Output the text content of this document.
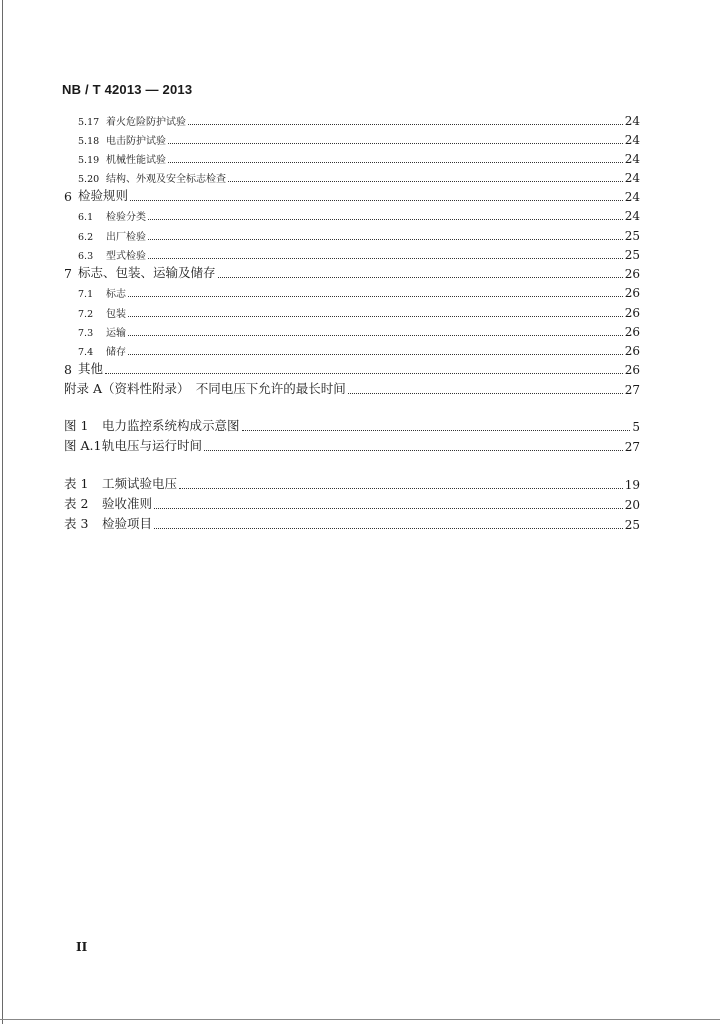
NB / T 42013 — 2013
5.17 着火危险防护试验	24
5.18 电击防护试验	24
5.19 机械性能试验	24
5.20 结构、外观及安全标志检查	24
6 检验规则	24
6.1	检验分类	24
6.2	出厂检验	25
6.3	型式检验	25
7 标志、包装、运输及储存	26
7.1	标志	26
7.2	包装	26
7.3	运输	26
7.4	储存	26
8 其他	26
附录 A（资料性附录）　不同电压下允许的最长时间	27
图 1	电力监控系统构成示意图	5
图 A.1 轨电压与运行时间	27
表 1	工频试验电压	19
表 2	验收准则	20
表 3	检验项目	25
II
